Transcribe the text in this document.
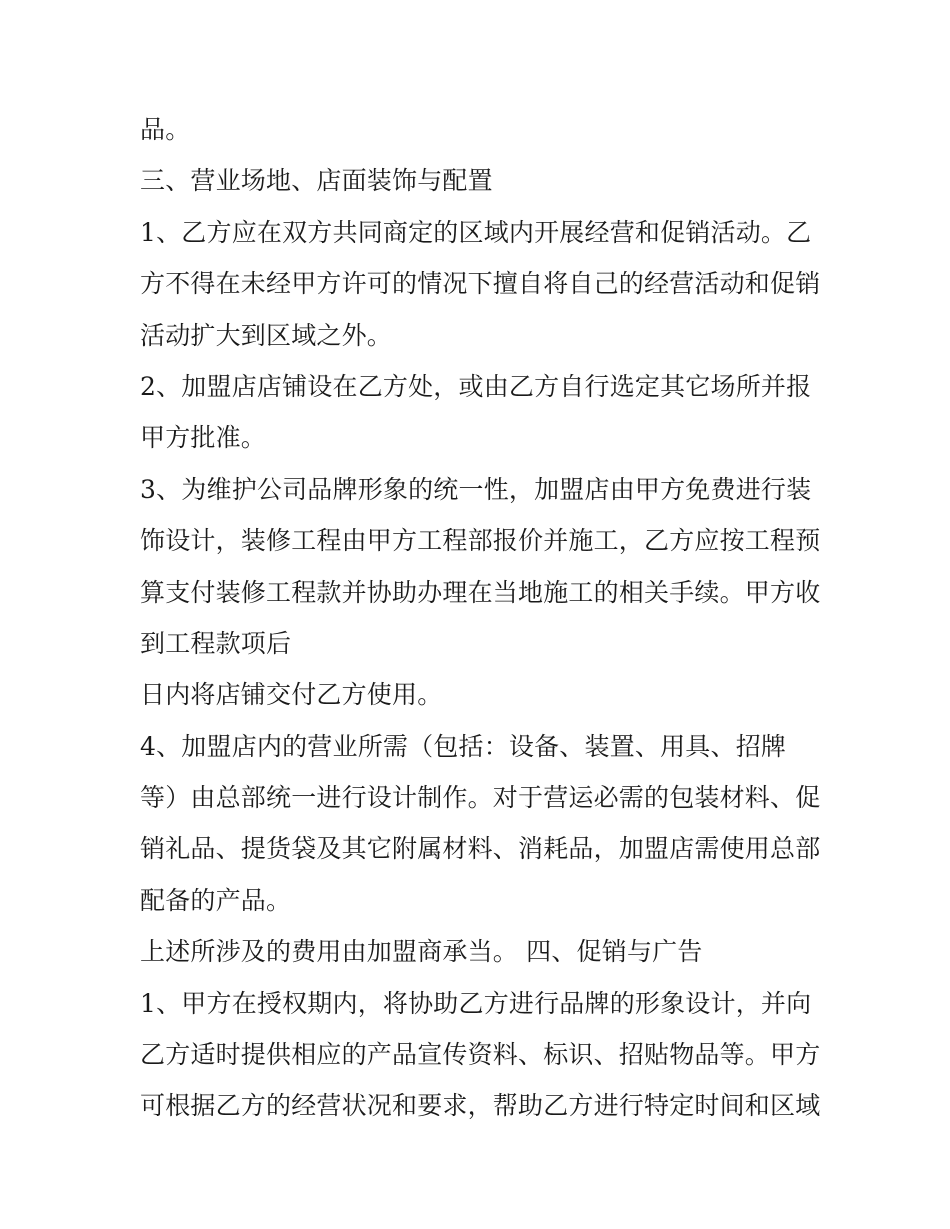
品。
三、营业场地、店面装饰与配置
1、乙方应在双方共同商定的区域内开展经营和促销活动。乙
方不得在未经甲方许可的情况下擅自将自己的经营活动和促销
活动扩大到区域之外。
2、加盟店店铺设在乙方处，或由乙方自行选定其它场所并报
甲方批准。
3、为维护公司品牌形象的统一性，加盟店由甲方免费进行装
饰设计，装修工程由甲方工程部报价并施工，乙方应按工程预
算支付装修工程款并协助办理在当地施工的相关手续。甲方收
到工程款项后
日内将店铺交付乙方使用。
4、加盟店内的营业所需（包括：设备、装置、用具、招牌
等）由总部统一进行设计制作。对于营运必需的包装材料、促
销礼品、提货袋及其它附属材料、消耗品，加盟店需使用总部
配备的产品。
上述所涉及的费用由加盟商承当。 四、促销与广告
1、甲方在授权期内，将协助乙方进行品牌的形象设计，并向
乙方适时提供相应的产品宣传资料、标识、招贴物品等。甲方
可根据乙方的经营状况和要求，帮助乙方进行特定时间和区域
